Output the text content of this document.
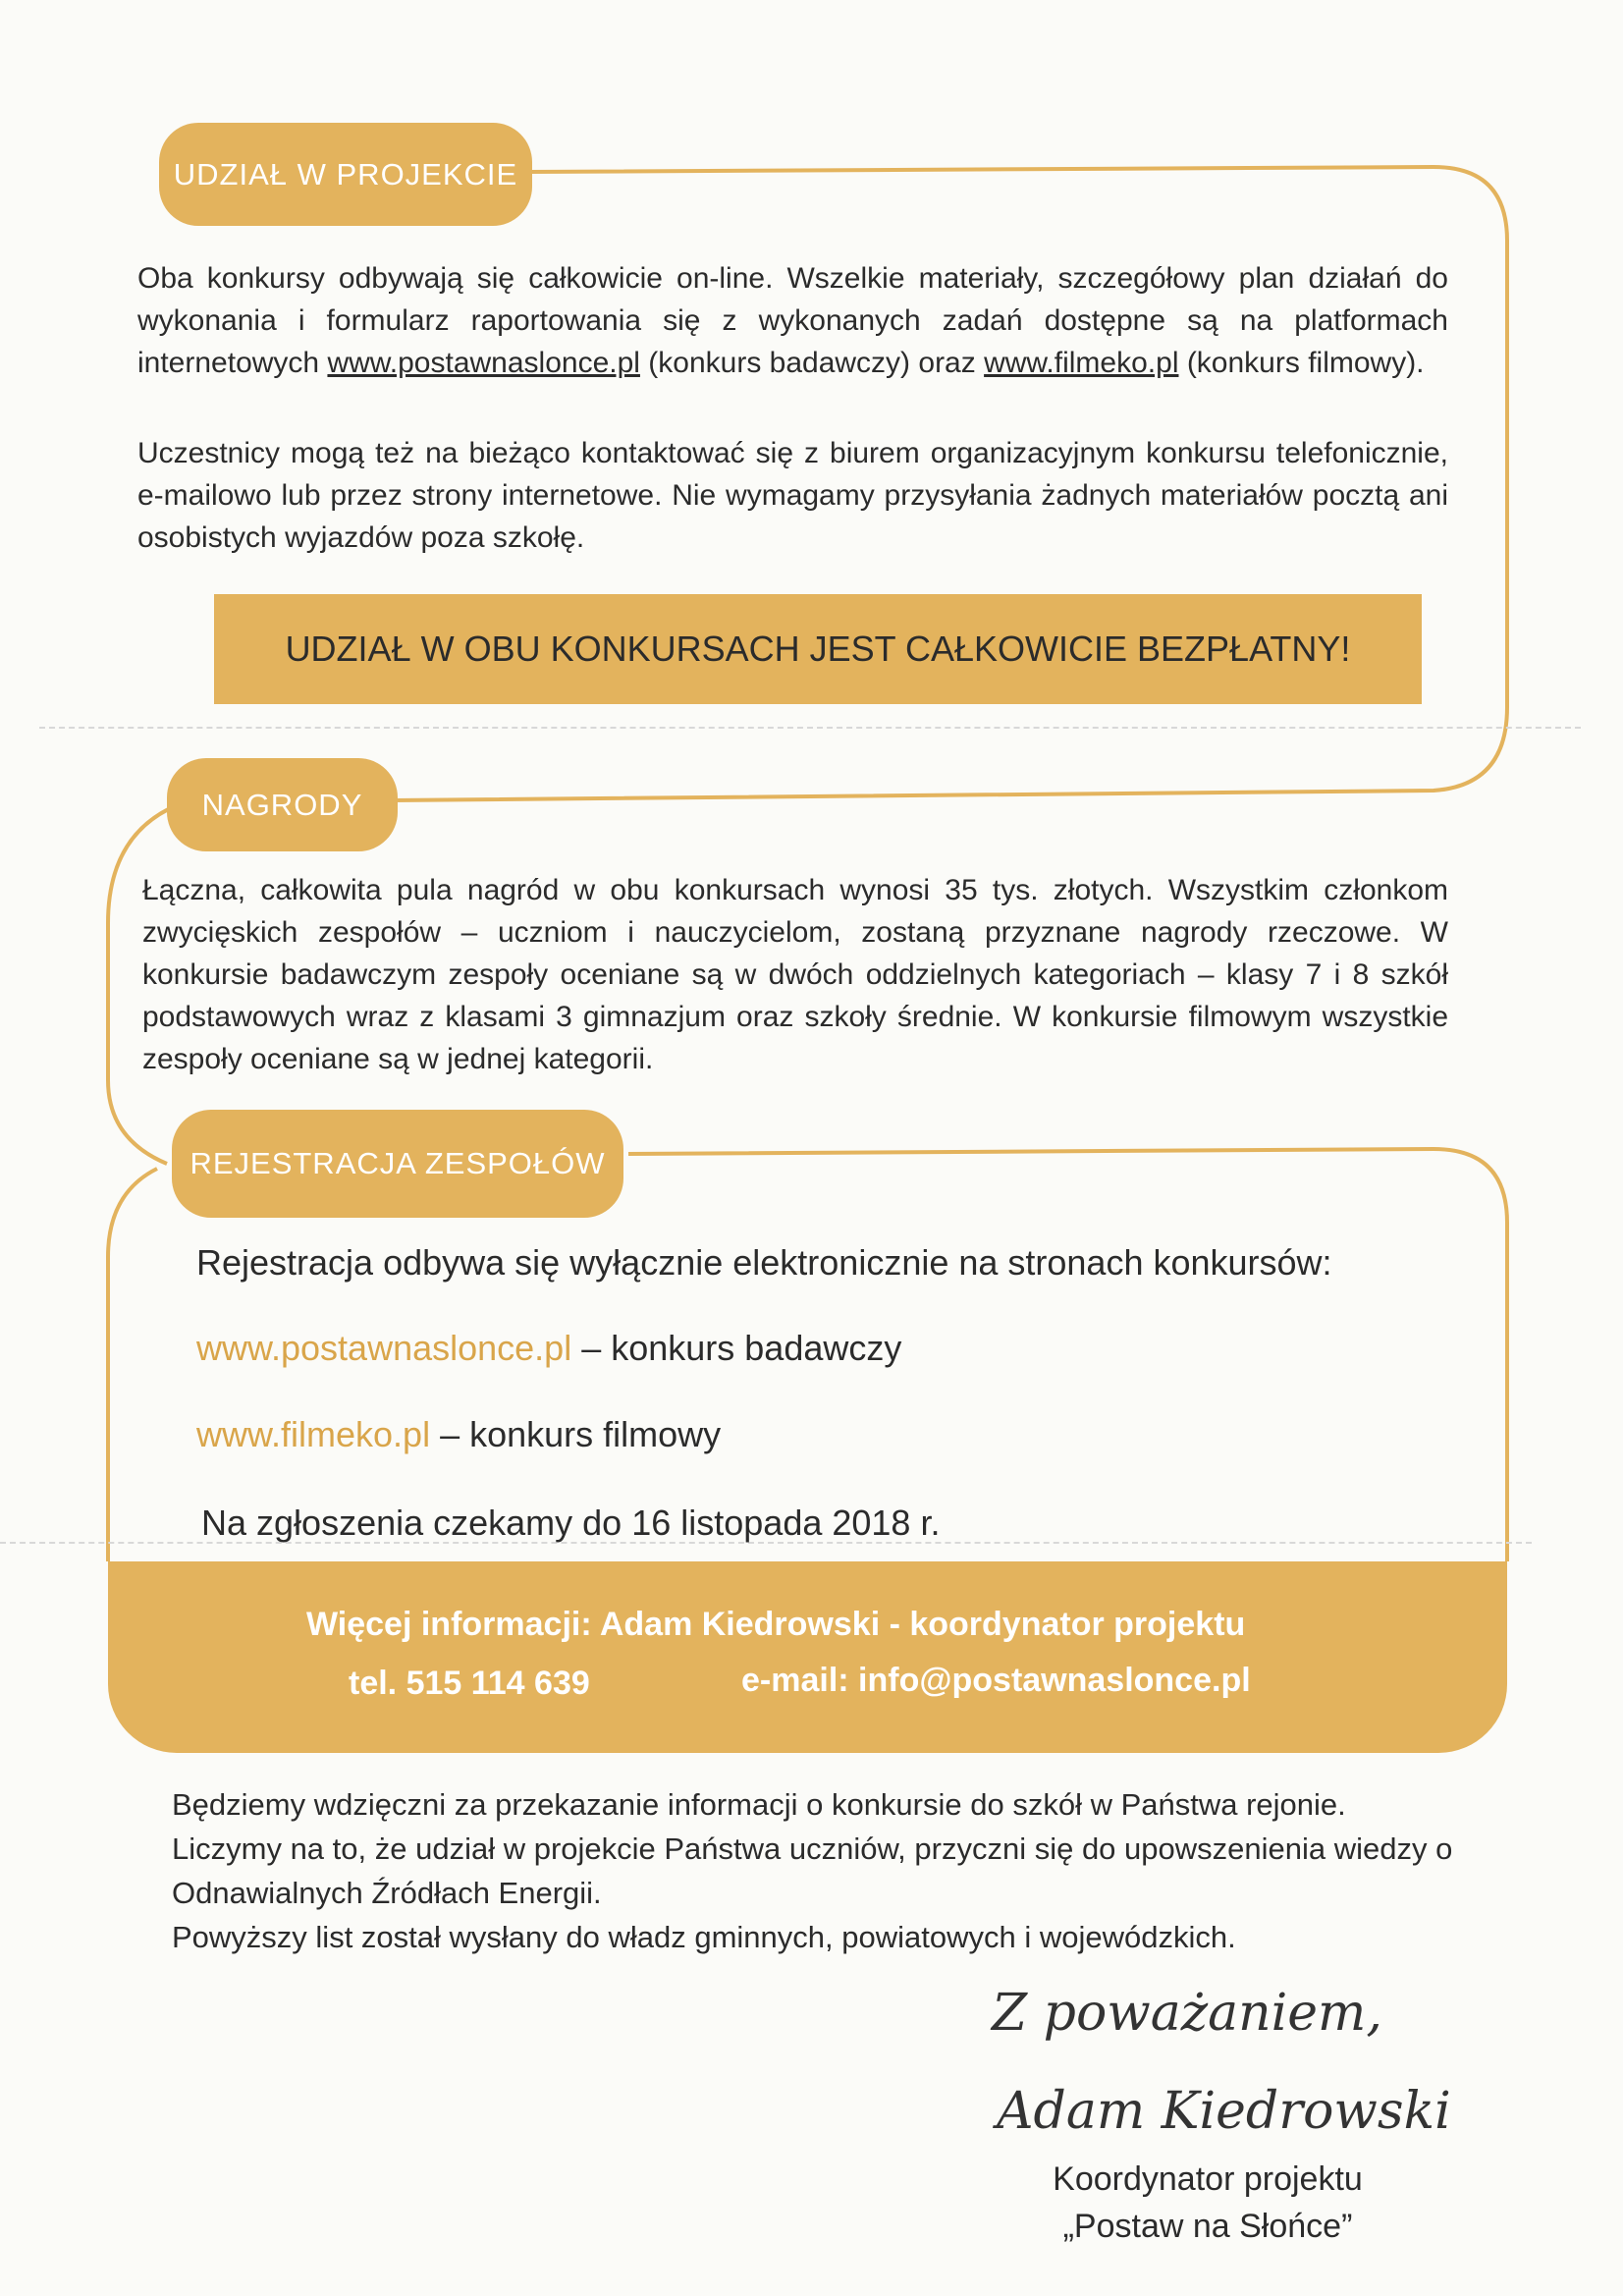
UDZIAŁ W PROJEKCIE
Oba konkursy odbywają się całkowicie on-line. Wszelkie materiały, szczegółowy plan działań do wykonania i formularz raportowania się z wykonanych zadań dostępne są na platformach internetowych www.postawnaslonce.pl (konkurs badawczy) oraz www.filmeko.pl (konkurs filmowy).
Uczestnicy mogą też na bieżąco kontaktować się z biurem organizacyjnym konkursu telefonicznie, e-mailowo lub przez strony internetowe. Nie wymagamy przysyłania żadnych materiałów pocztą ani osobistych wyjazdów poza szkołę.
UDZIAŁ W OBU KONKURSACH JEST CAŁKOWICIE BEZPŁATNY!
NAGRODY
Łączna, całkowita pula nagród w obu konkursach wynosi 35 tys. złotych. Wszystkim członkom zwycięskich zespołów – uczniom i nauczycielom, zostaną przyznane nagrody rzeczowe. W konkursie badawczym zespoły oceniane są w dwóch oddzielnych kategoriach – klasy 7 i 8 szkół podstawowych wraz z klasami 3 gimnazjum oraz szkoły średnie. W konkursie filmowym wszystkie zespoły oceniane są w jednej kategorii.
REJESTRACJA ZESPOŁÓW
Rejestracja odbywa się wyłącznie elektronicznie na stronach konkursów:
www.postawnaslonce.pl – konkurs badawczy
www.filmeko.pl – konkurs filmowy
Na zgłoszenia czekamy do 16 listopada 2018 r.
Więcej informacji: Adam Kiedrowski - koordynator projektu
tel. 515 114 639	e-mail: info@postawnaslonce.pl
Będziemy wdzięczni za przekazanie informacji o konkursie do szkół w Państwa rejonie.
Liczymy na to, że udział w projekcie Państwa uczniów, przyczni się do upowszenienia wiedzy o Odnawialnych Źródłach Energii.
Powyższy list został wysłany do władz gminnych, powiatowych i wojewódzkich.
Z poważaniem,
Adam Kiedrowski
Koordynator projektu
„Postaw na Słońce”
